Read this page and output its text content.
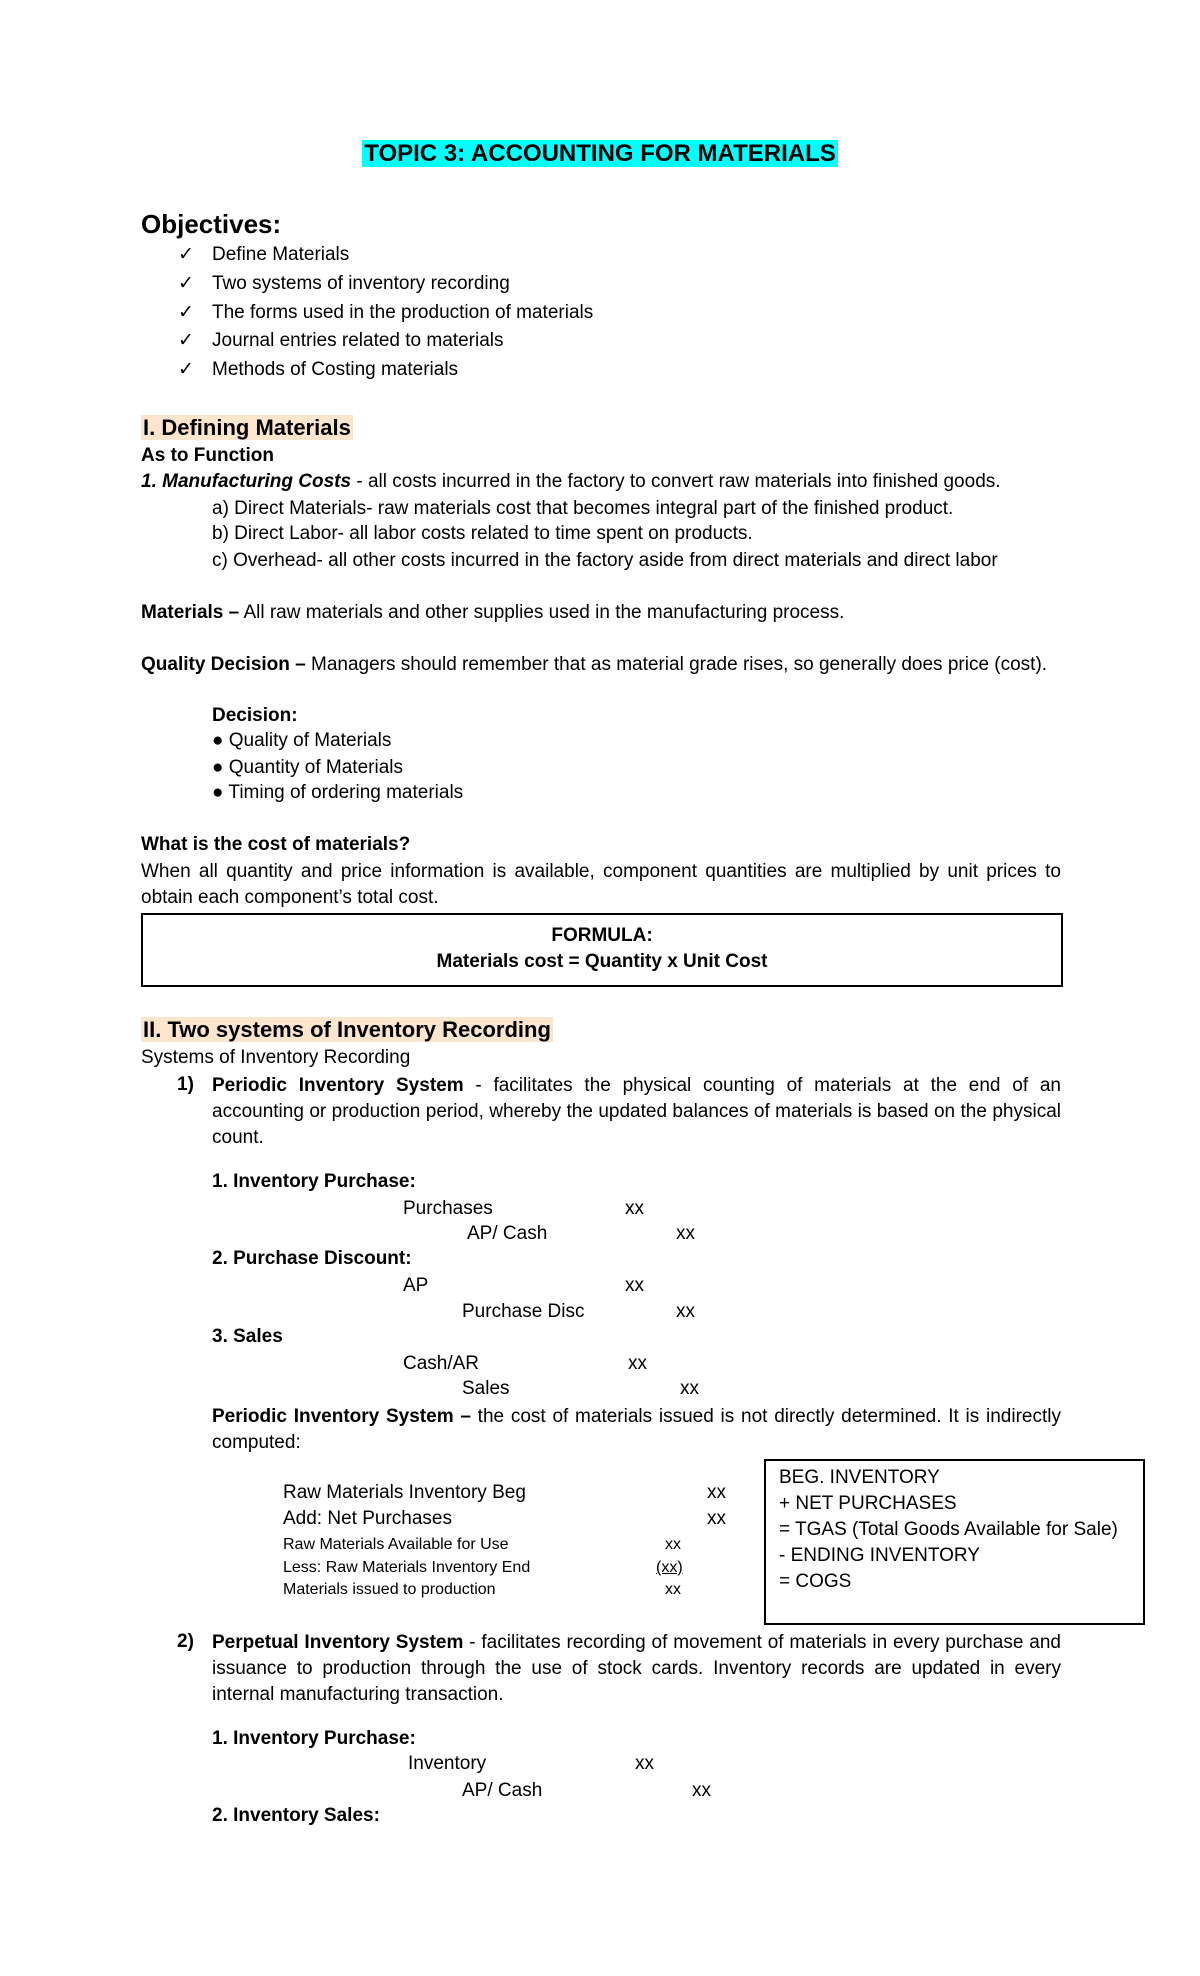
TOPIC 3: ACCOUNTING FOR MATERIALS
Objectives:
✓ Define Materials
✓ Two systems of inventory recording
✓ The forms used in the production of materials
✓ Journal entries related to materials
✓ Methods of Costing materials
I. Defining Materials
As to Function
1. Manufacturing Costs - all costs incurred in the factory to convert raw materials into finished goods.
a) Direct Materials- raw materials cost that becomes integral part of the finished product.
b) Direct Labor- all labor costs related to time spent on products.
c) Overhead- all other costs incurred in the factory aside from direct materials and direct labor
Materials – All raw materials and other supplies used in the manufacturing process.
Quality Decision – Managers should remember that as material grade rises, so generally does price (cost).
Decision:
● Quality of Materials
● Quantity of Materials
● Timing of ordering materials
What is the cost of materials?
When all quantity and price information is available, component quantities are multiplied by unit prices to obtain each component’s total cost.
FORMULA:
Materials cost = Quantity x Unit Cost
II. Two systems of Inventory Recording
Systems of Inventory Recording
1) Periodic Inventory System - facilitates the physical counting of materials at the end of an accounting or production period, whereby the updated balances of materials is based on the physical count.
1. Inventory Purchase:
Purchases	xx
AP/ Cash	xx
2. Purchase Discount:
AP	xx
Purchase Disc	xx
3. Sales
Cash/AR	xx
Sales	xx
Periodic Inventory System – the cost of materials issued is not directly determined. It is indirectly computed:
Raw Materials Inventory Beg	xx
Add: Net Purchases	xx
Raw Materials Available for Use	xx
Less: Raw Materials Inventory End	(xx)
Materials issued to production	xx
BEG. INVENTORY
+ NET PURCHASES
= TGAS (Total Goods Available for Sale)
- ENDING INVENTORY
= COGS
2) Perpetual Inventory System - facilitates recording of movement of materials in every purchase and issuance to production through the use of stock cards. Inventory records are updated in every internal manufacturing transaction.
1. Inventory Purchase:
Inventory	xx
AP/ Cash	xx
2. Inventory Sales:
